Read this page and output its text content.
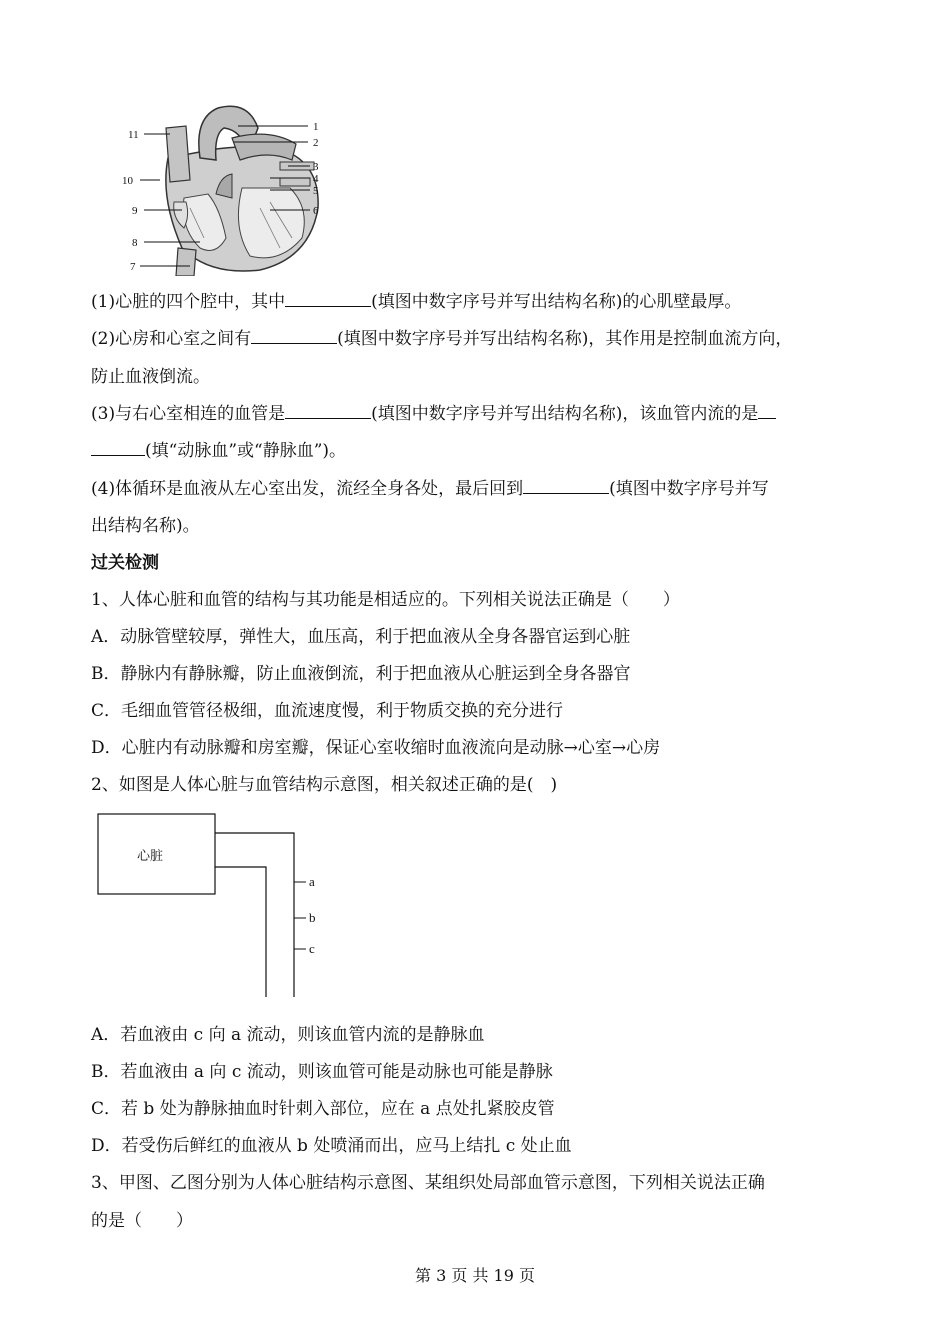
1
2
3
4
5
6
7
8
9
10
11
(1)心脏的四个腔中，其中	(填图中数字序号并写出结构名称)的心肌壁最厚。
(2)心房和心室之间有	(填图中数字序号并写出结构名称)，其作用是控制血流方向，
防止血液倒流。
(3)与右心室相连的血管是	(填图中数字序号并写出结构名称)，该血管内流的是
(填“动脉血”或“静脉血”)。
(4)体循环是血液从左心室出发，流经全身各处，最后回到	(填图中数字序号并写
出结构名称)。
过关检测
1、人体心脏和血管的结构与其功能是相适应的。下列相关说法正确是（　　）
A．动脉管壁较厚，弹性大，血压高，利于把血液从全身各器官运到心脏
B．静脉内有静脉瓣，防止血液倒流，利于把血液从心脏运到全身各器官
C．毛细血管管径极细，血流速度慢，利于物质交换的充分进行
D．心脏内有动脉瓣和房室瓣，保证心室收缩时血液流向是动脉→心室→心房
2、如图是人体心脏与血管结构示意图，相关叙述正确的是(　)
心脏
a
b
c
A．若血液由 c 向 a 流动，则该血管内流的是静脉血
B．若血液由 a 向 c 流动，则该血管可能是动脉也可能是静脉
C．若 b 处为静脉抽血时针刺入部位，应在 a 点处扎紧胶皮管
D．若受伤后鲜红的血液从 b 处喷涌而出，应马上结扎 c 处止血
3、甲图、乙图分别为人体心脏结构示意图、某组织处局部血管示意图，下列相关说法正确
的是（　　）
第 3 页 共 19 页
